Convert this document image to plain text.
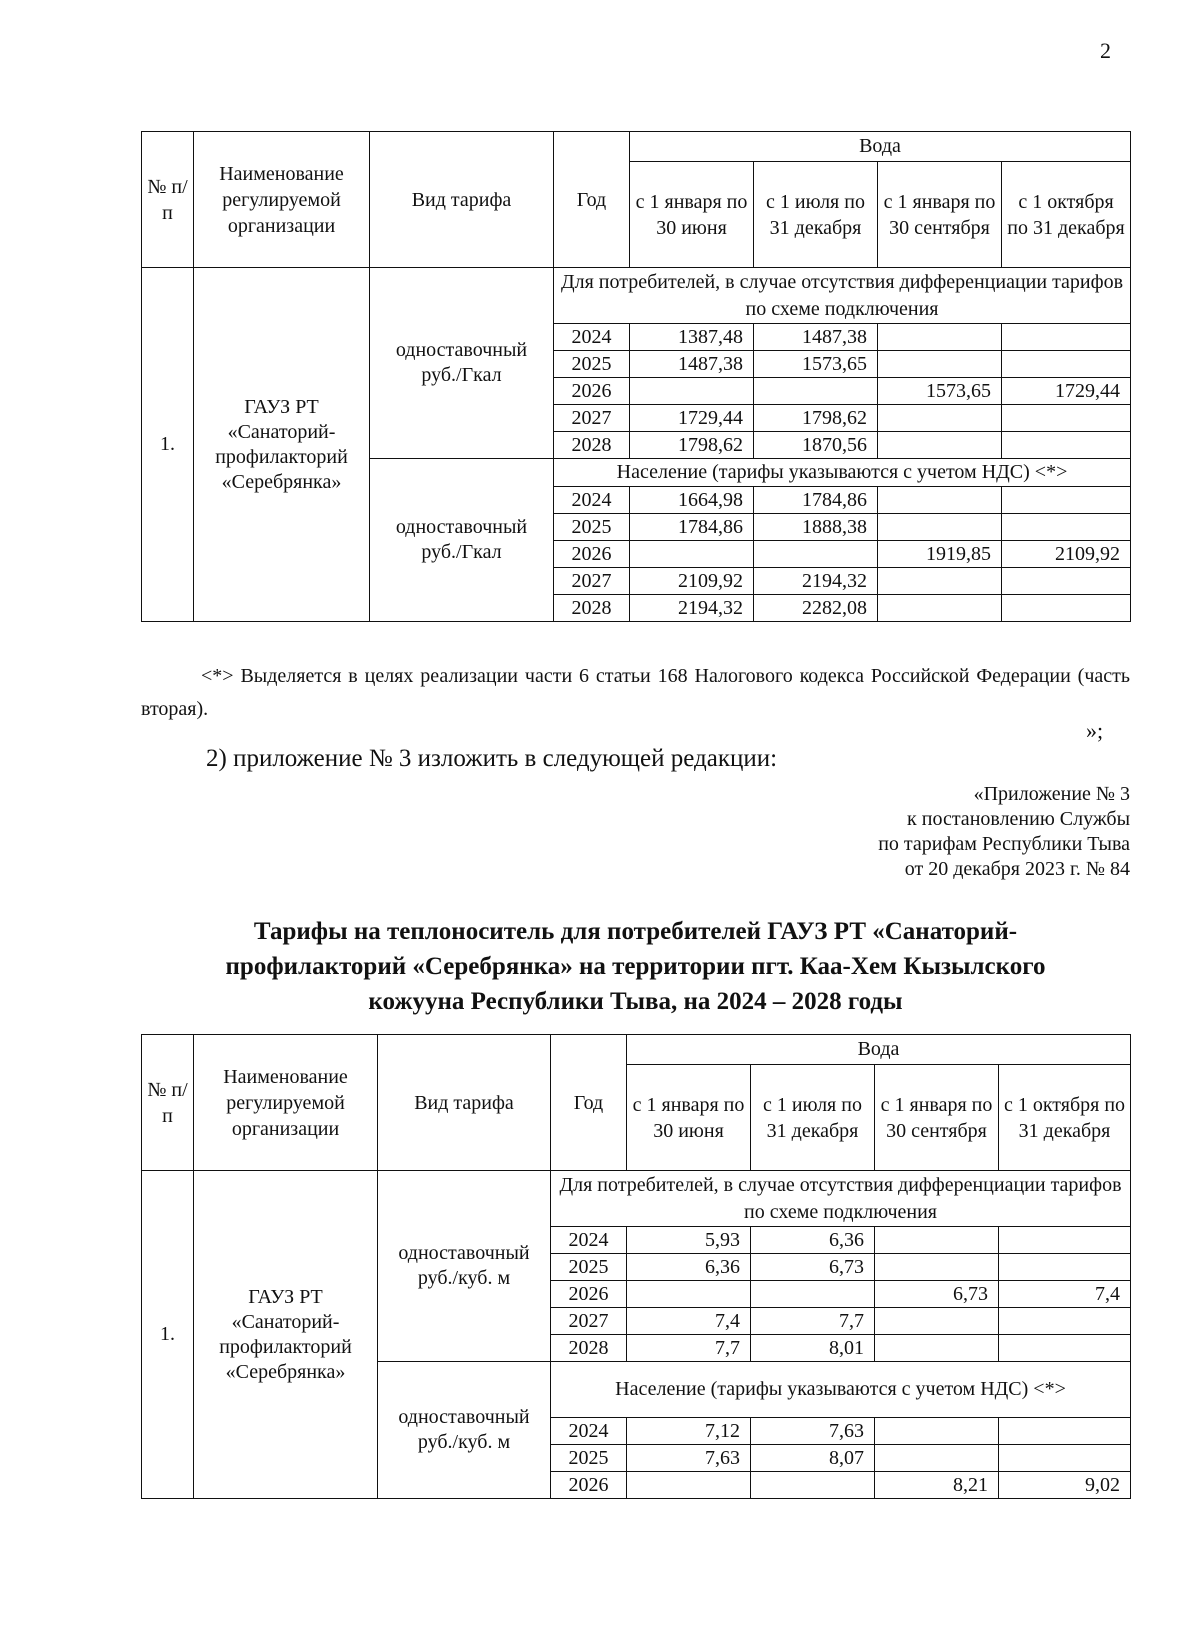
2
№ п/п	Наименование регулируемой организации	Вид тарифа	Год	Вода			
				с 1 января по 30 июня	с 1 июля по 31 декабря	с 1 января по 30 сентября	с 1 октября по 31 декабря
1.	ГАУЗ РТ «Санаторий-профилакторий «Серебрянка»	одноставочный руб./Гкал	Для потребителей, в случае отсутствия дифференциации тарифов по схеме подключения				
			2024	1387,48	1487,38		
			2025	1487,38	1573,65		
			2026			1573,65	1729,44
			2027	1729,44	1798,62		
			2028	1798,62	1870,56		
		одноставочный руб./Гкал	Население (тарифы указываются с учетом НДС) <*>				
			2024	1664,98	1784,86		
			2025	1784,86	1888,38		
			2026			1919,85	2109,92
			2027	2109,92	2194,32		
			2028	2194,32	2282,08		
<*> Выделяется в целях реализации части 6 статьи 168 Налогового кодекса Российской Федерации (часть вторая).
»;
2) приложение № 3 изложить в следующей редакции:
«Приложение № 3
к постановлению Службы
по тарифам Республики Тыва
от 20 декабря 2023 г. № 84
Тарифы на теплоноситель для потребителей ГАУЗ РТ «Санаторий-
профилакторий «Серебрянка» на территории пгт. Каа-Хем Кызылского
кожууна Республики Тыва, на 2024 – 2028 годы
№ п/п	Наименование регулируемой организации	Вид тарифа	Год	Вода			
				с 1 января по 30 июня	с 1 июля по 31 декабря	с 1 января по 30 сентября	с 1 октября по 31 декабря
1.	ГАУЗ РТ «Санаторий-профилакторий «Серебрянка»	одноставочный руб./куб. м	Для потребителей, в случае отсутствия дифференциации тарифов по схеме подключения				
			2024	5,93	6,36		
			2025	6,36	6,73		
			2026			6,73	7,4
			2027	7,4	7,7		
			2028	7,7	8,01		
		одноставочный руб./куб. м	Население (тарифы указываются с учетом НДС) <*>				
			2024	7,12	7,63		
			2025	7,63	8,07		
			2026			8,21	9,02
